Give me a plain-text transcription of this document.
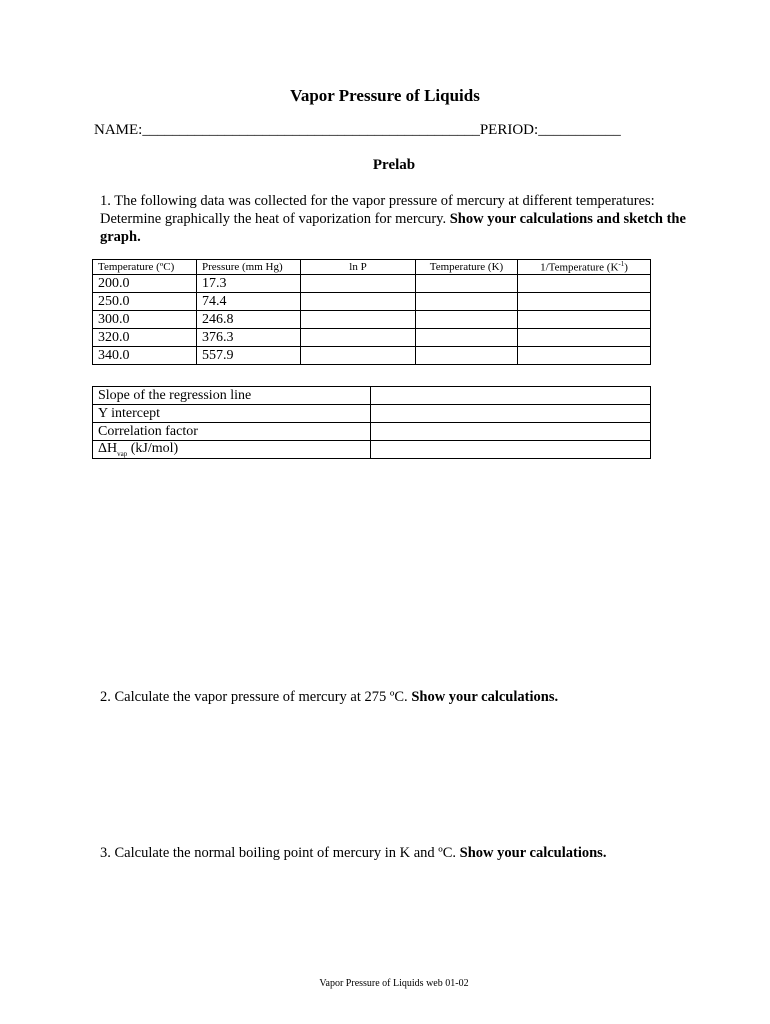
Vapor Pressure of Liquids
NAME:_____________________________________________PERIOD:___________
Prelab
1. The following data was collected for the vapor pressure of mercury at different temperatures: Determine graphically the heat of vaporization for mercury. Show your calculations and sketch the graph.
Temperature (ºC)	Pressure (mm Hg)	ln P	Temperature (K)	1/Temperature $(K^{-1})$
200.0	17.3			
250.0	74.4			
300.0	246.8			
320.0	376.3			
340.0	557.9			
Slope of the regression line	
Y intercept	
Correlation factor	
$\Delta H_{vap}$ (kJ/mol)	
2. Calculate the vapor pressure of mercury at 275 ºC. Show your calculations.
3. Calculate the normal boiling point of mercury in K and ºC. Show your calculations.
Vapor Pressure of Liquids web 01-02
